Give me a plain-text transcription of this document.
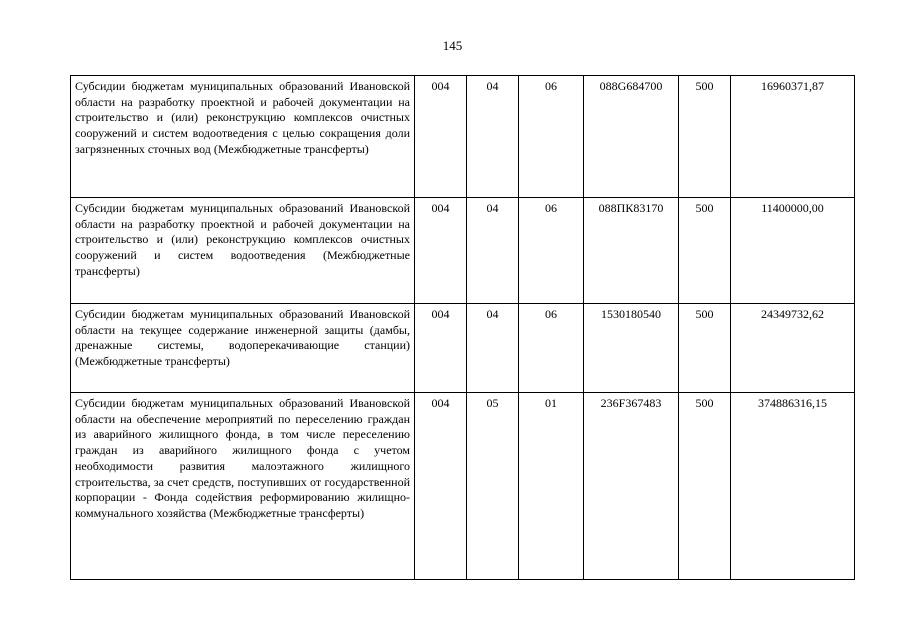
145
Субсидии бюджетам муниципальных образований Ивановской области на разработку проектной и рабочей документации на строительство и (или) реконструкцию комплексов очистных сооружений и систем водоотведения с целью сокращения доли загрязненных сточных вод (Межбюджетные трансферты)	004	04	06	088G684700	500	16960371,87
Субсидии бюджетам муниципальных образований Ивановской области на разработку проектной и рабочей документации на строительство и (или) реконструкцию комплексов очистных сооружений и систем водоотведения (Межбюджетные трансферты)	004	04	06	088ПК83170	500	11400000,00
Субсидии бюджетам муниципальных образований Ивановской области на текущее содержание инженерной защиты (дамбы, дренажные системы, водоперекачивающие станции) (Межбюджетные трансферты)	004	04	06	1530180540	500	24349732,62
Субсидии бюджетам муниципальных образований Ивановской области на обеспечение мероприятий по переселению граждан из аварийного жилищного фонда, в том числе переселению граждан из аварийного жилищного фонда с учетом необходимости развития малоэтажного жилищного строительства, за счет средств, поступивших от государственной корпорации - Фонда содействия реформированию жилищно-коммунального хозяйства (Межбюджетные трансферты)	004	05	01	236F367483	500	374886316,15
